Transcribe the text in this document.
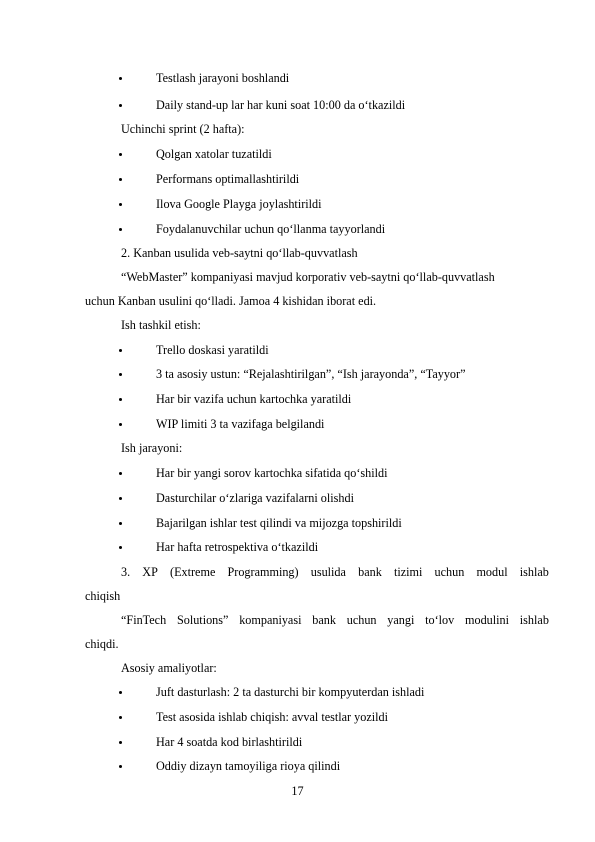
Testlash jarayoni boshlandi
Daily stand-up lar har kuni soat 10:00 da o‘tkazildi
Uchinchi sprint (2 hafta):
Qolgan xatolar tuzatildi
Performans optimallashtirildi
Ilova Google Playga joylashtirildi
Foydalanuvchilar uchun qo‘llanma tayyorlandi
2. Kanban usulida veb-saytni qo‘llab-quvvatlash
“WebMaster” kompaniyasi mavjud korporativ veb-saytni qo‘llab-quvvatlash
uchun Kanban usulini qo‘lladi. Jamoa 4 kishidan iborat edi.
Ish tashkil etish:
Trello doskasi yaratildi
3 ta asosiy ustun: “Rejalashtirilgan”, “Ish jarayonda”, “Tayyor”
Har bir vazifa uchun kartochka yaratildi
WIP limiti 3 ta vazifaga belgilandi
Ish jarayoni:
Har bir yangi sorov kartochka sifatida qo‘shildi
Dasturchilar o‘zlariga vazifalarni olishdi
Bajarilgan ishlar test qilindi va mijozga topshirildi
Har hafta retrospektiva o‘tkazildi
3. XP (Extreme Programming) usulida bank tizimi uchun modul ishlab
chiqish
“FinTech Solutions” kompaniyasi bank uchun yangi to‘lov modulini ishlab
chiqdi.
Asosiy amaliyotlar:
Juft dasturlash: 2 ta dasturchi bir kompyuterdan ishladi
Test asosida ishlab chiqish: avval testlar yozildi
Har 4 soatda kod birlashtirildi
Oddiy dizayn tamoyiliga rioya qilindi
17
